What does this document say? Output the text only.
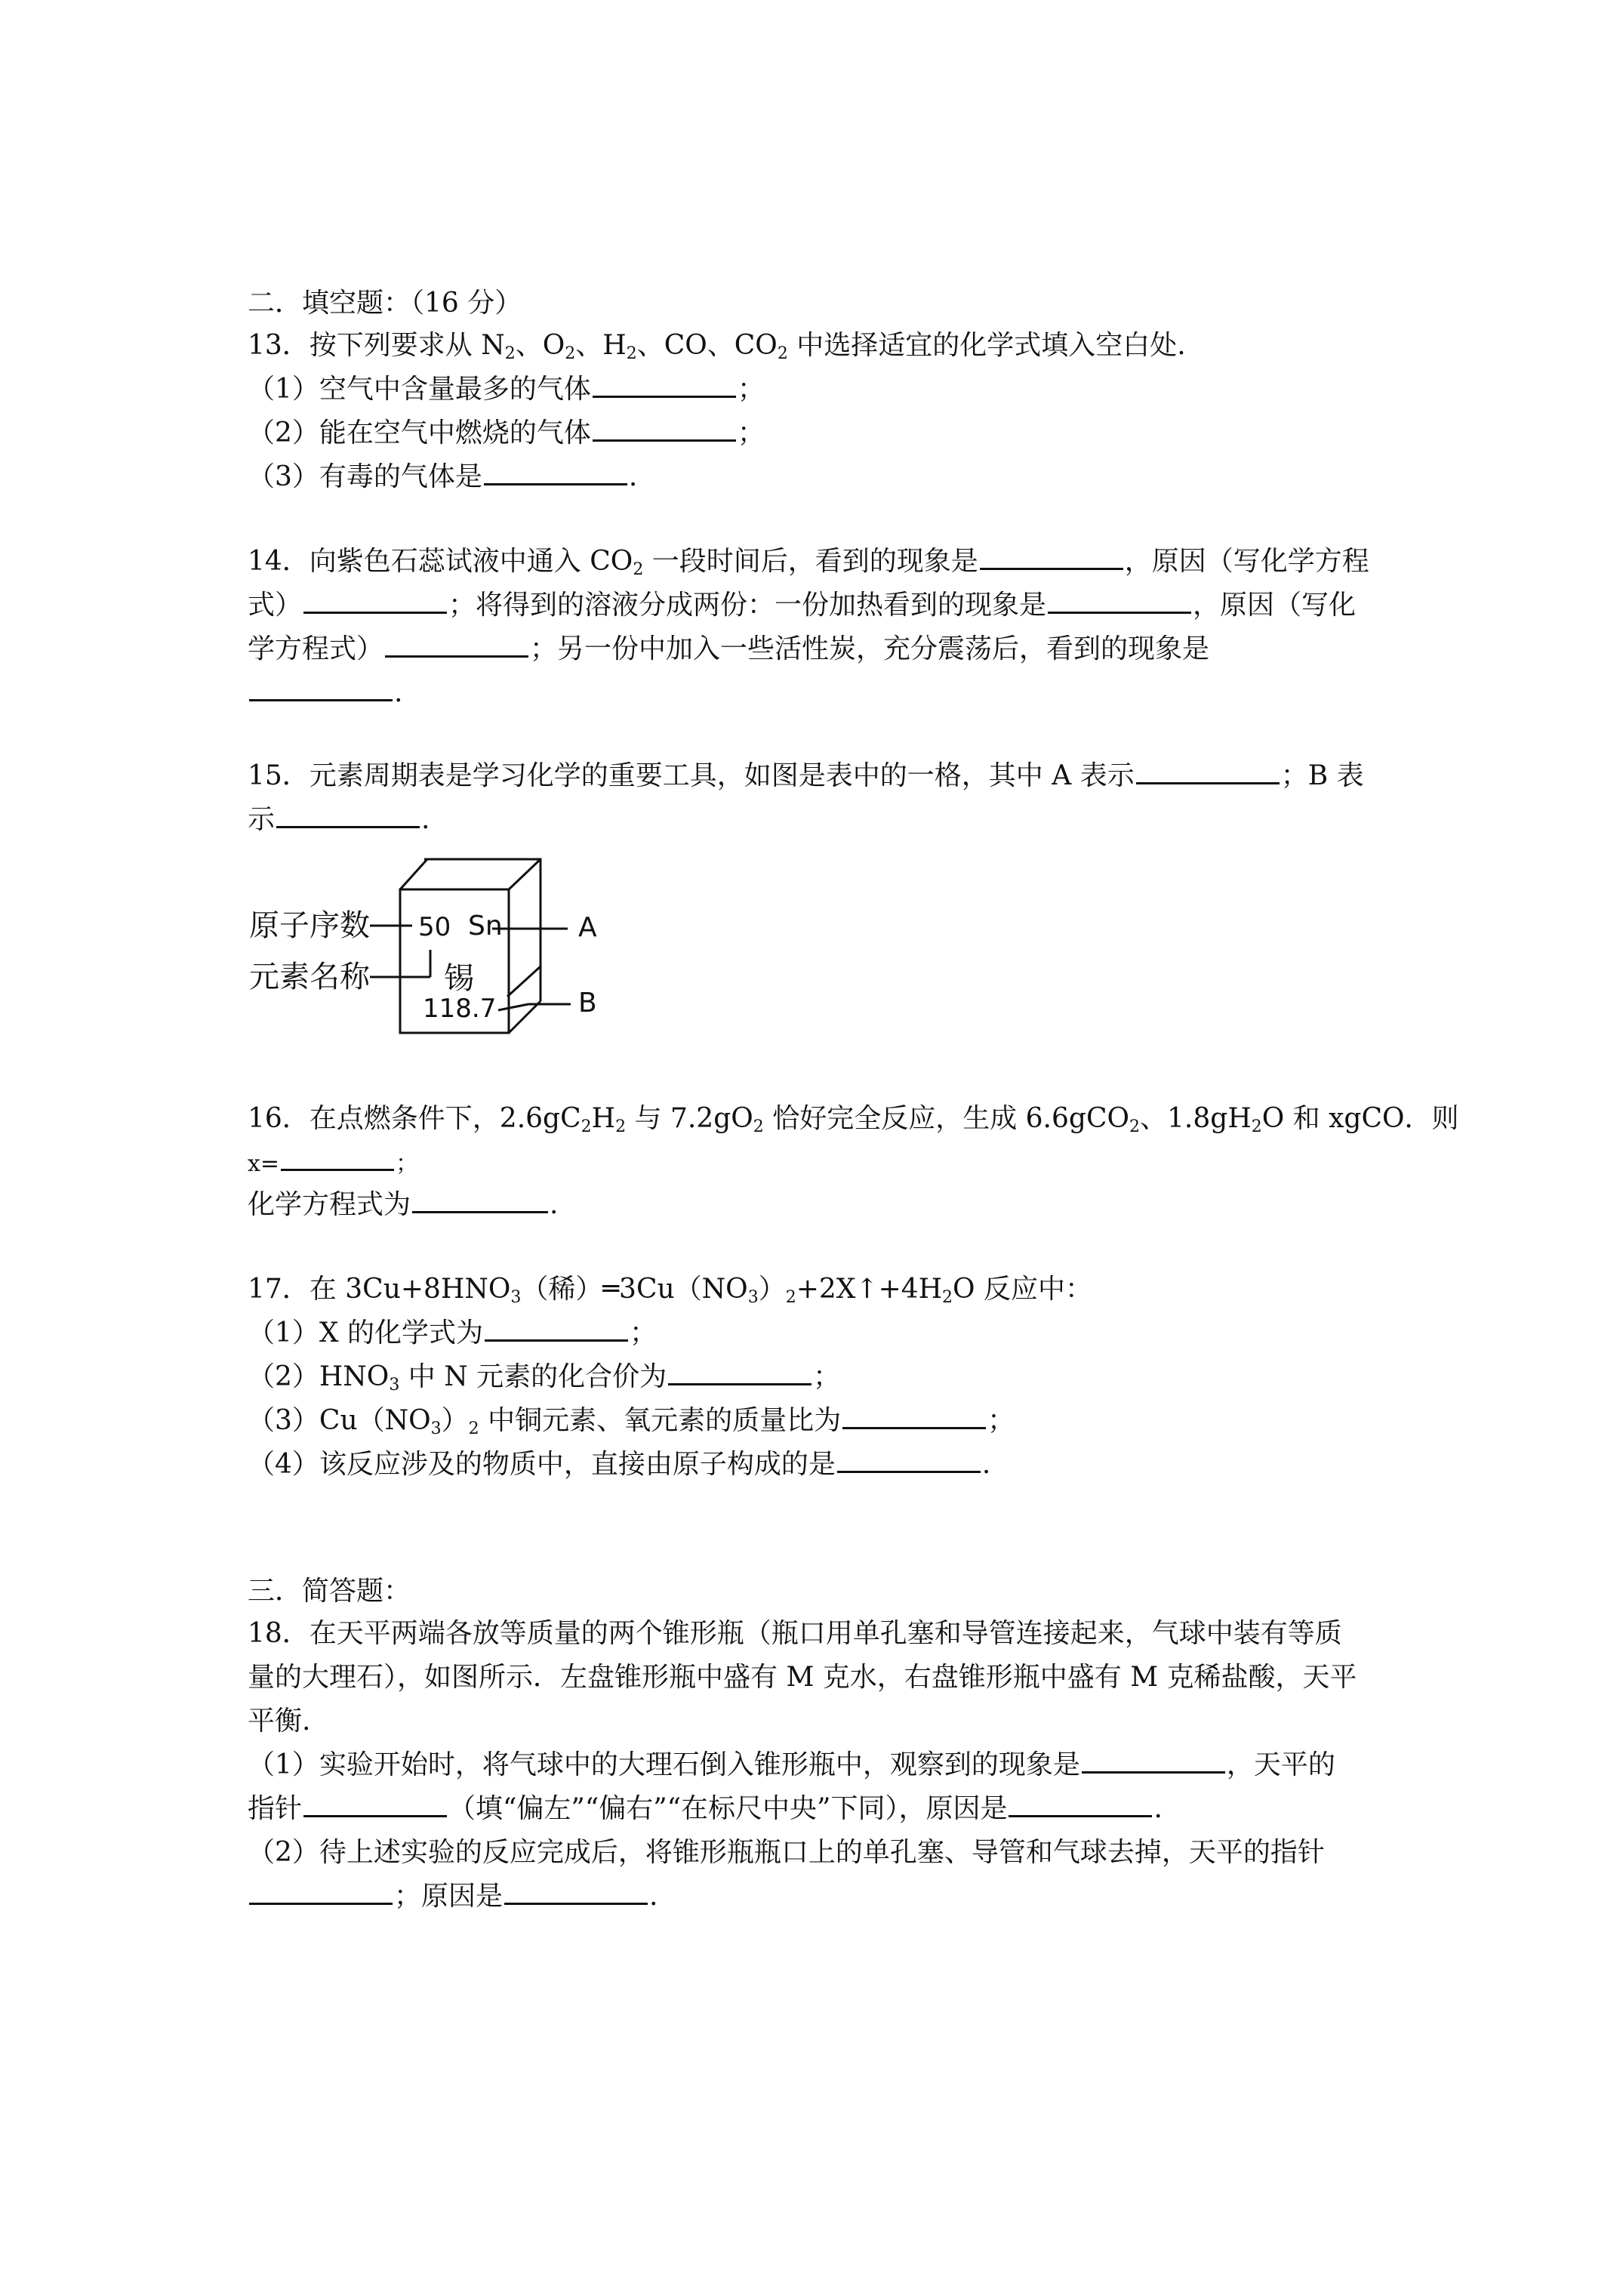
二．填空题：（16 分）
13．按下列要求从 $N_2$、$O_2$、$H_2$、CO、$CO_2$ 中选择适宜的化学式填入空白处.
（1）空气中含量最多的气体	；
（2）能在空气中燃烧的气体	；
（3）有毒的气体是	.
14．向紫色石蕊试液中通入 $CO_2$ 一段时间后，看到的现象是	，原因（写化学方程
式）	；将得到的溶液分成两份：一份加热看到的现象是	，原因（写化
学方程式）	；另一份中加入一些活性炭，充分震荡后，看到的现象是
.
15．元素周期表是学习化学的重要工具，如图是表中的一格，其中 A 表示	；B 表
示	.
原子序数
元素名称
50 Sn
锡
118.7
A
B
16．在点燃条件下，$2.6gC_2H_2$ 与 $7.2gO_2$ 恰好完全反应，生成 6.6gCO$_2$、$1.8gH_2O$ 和 xgCO．则
x=	；
化学方程式为	.
17．在 $3Cu+8HNO_3$（稀）$═3Cu(NO_3)_2+2X↑+4H_2O$ 反应中：
（1）X 的化学式为	；
$(2)HNO_3$ 中 N 元素的化合价为	；
$(3)Cu(NO_3)_2$ 中铜元素、氧元素的质量比为	；
（4）该反应涉及的物质中，直接由原子构成的是	.
三．简答题：
18．在天平两端各放等质量的两个锥形瓶（瓶口用单孔塞和导管连接起来，气球中装有等质
量的大理石），如图所示．左盘锥形瓶中盛有 M 克水，右盘锥形瓶中盛有 M 克稀盐酸，天平
平衡.
（1）实验开始时，将气球中的大理石倒入锥形瓶中，观察到的现象是	，天平的
指针	（填“偏左”“偏右”“在标尺中央”下同），原因是	.
（2）待上述实验的反应完成后，将锥形瓶瓶口上的单孔塞、导管和气球去掉，天平的指针
；原因是	.
